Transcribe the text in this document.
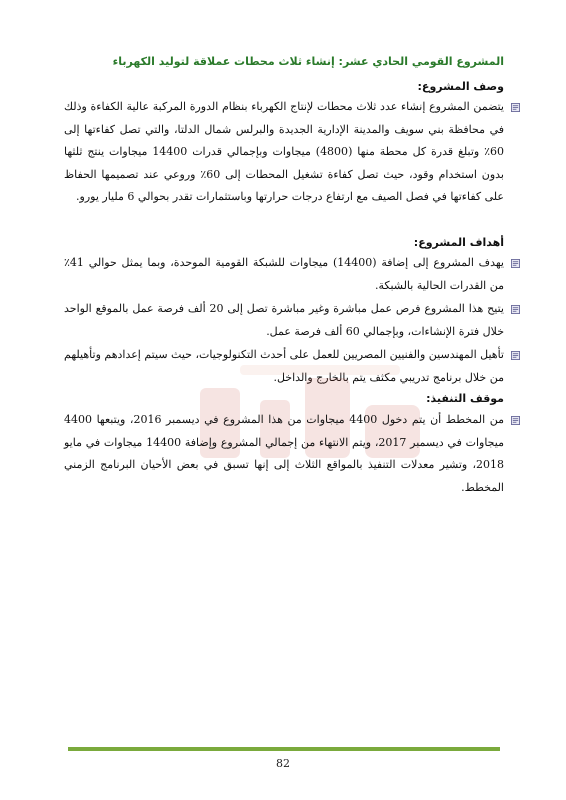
المشروع القومي الحادي عشر: إنشاء ثلاث محطات عملاقة لتوليد الكهرباء
وصف المشروع:
يتضمن المشروع إنشاء عدد ثلاث محطات لإنتاج الكهرباء بنظام الدورة المركبة عالية الكفاءة وذلك في محافظة بني سويف والمدينة الإدارية الجديدة والبرلس شمال الدلتا، والتي تصل كفاءتها إلى 60٪ وتبلغ قدرة كل محطة منها (4800) ميجاوات وبإجمالي قدرات 14400 ميجاوات ينتج ثلثها بدون استخدام وقود، حيث تصل كفاءة تشغيل المحطات إلى 60٪ وروعي عند تصميمها الحفاظ على كفاءتها في فصل الصيف مع ارتفاع درجات حرارتها وباستثمارات تقدر بحوالي 6 مليار يورو.
أهداف المشروع:
يهدف المشروع إلى إضافة (14400) ميجاوات للشبكة القومية الموحدة، وبما يمثل حوالي 41٪ من القدرات الحالية بالشبكة.
يتيح هذا المشروع فرص عمل مباشرة وغير مباشرة تصل إلى 20 ألف فرصة عمل بالموقع الواحد خلال فترة الإنشاءات، وبإجمالي 60 ألف فرصة عمل.
تأهيل المهندسين والفنيين المصريين للعمل على أحدث التكنولوجيات، حيث سيتم إعدادهم وتأهيلهم من خلال برنامج تدريبي مكثف يتم بالخارج والداخل.
موقف التنفيذ:
من المخطط أن يتم دخول 4400 ميجاوات من هذا المشروع في ديسمبر 2016، ويتبعها 4400 ميجاوات في ديسمبر 2017، ويتم الانتهاء من إجمالي المشروع وإضافة 14400 ميجاوات في مايو 2018، وتشير معدلات التنفيذ بالمواقع الثلاث إلى إنها تسبق في بعض الأحيان البرنامج الزمني المخطط.
82
